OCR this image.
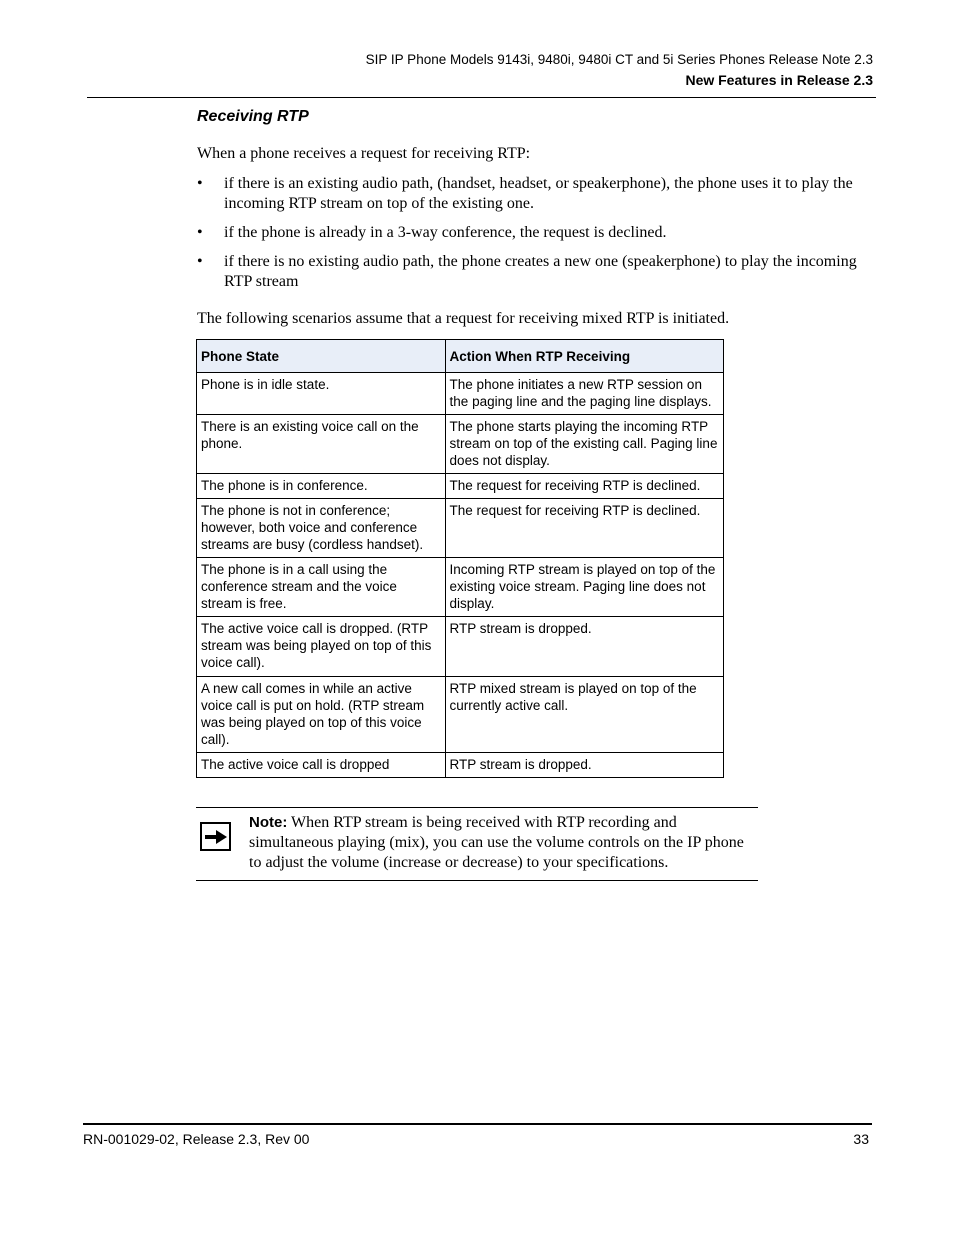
SIP IP Phone Models 9143i, 9480i, 9480i CT and 5i Series Phones Release Note 2.3
New Features in Release 2.3
Receiving RTP
When a phone receives a request for receiving RTP:
• if there is an existing audio path, (handset, headset, or speakerphone), the phone uses it to play the incoming RTP stream on top of the existing one.
• if the phone is already in a 3-way conference, the request is declined.
• if there is no existing audio path, the phone creates a new one (speakerphone) to play the incoming RTP stream
The following scenarios assume that a request for receiving mixed RTP is initiated.
Phone State	Action When RTP Receiving
Phone is in idle state.	The phone initiates a new RTP session on the paging line and the paging line displays.
There is an existing voice call on the phone.	The phone starts playing the incoming RTP stream on top of the existing call. Paging line does not display.
The phone is in conference.	The request for receiving RTP is declined.
The phone is not in conference; however, both voice and conference streams are busy (cordless handset).	The request for receiving RTP is declined.
The phone is in a call using the conference stream and the voice stream is free.	Incoming RTP stream is played on top of the existing voice stream. Paging line does not display.
The active voice call is dropped. (RTP stream was being played on top of this voice call).	RTP stream is dropped.
A new call comes in while an active voice call is put on hold. (RTP stream was being played on top of this voice call).	RTP mixed stream is played on top of the currently active call.
The active voice call is dropped	RTP stream is dropped.
Note: When RTP stream is being received with RTP recording and simultaneous playing (mix), you can use the volume controls on the IP phone to adjust the volume (increase or decrease) to your specifications.
RN-001029-02, Release 2.3, Rev 00	33
